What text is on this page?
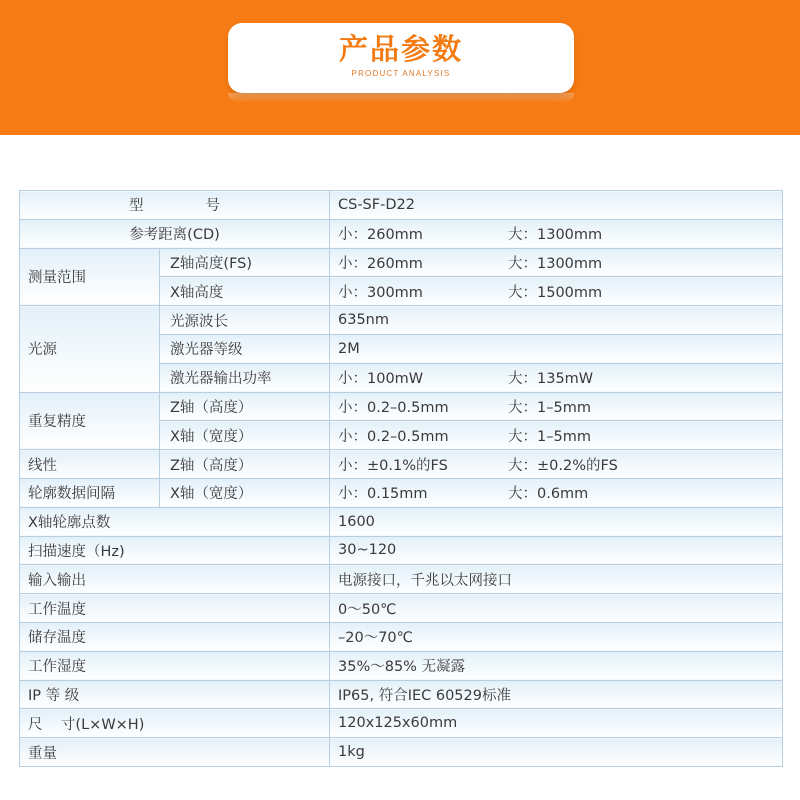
产品参数
PRODUCT ANALYSIS
型 号		CS-SF-D22
参考距离(CD)		小：260mm 大：1300mm

测量范围	Z轴高度(FS)	小：260mm 大：1300mm

	X轴高度	小：300mm 大：1500mm

光源	光源波长	635nm
	激光器等级	2M
	激光器输出功率	小：100mW 大：135mW

重复精度	Z轴（高度）	小：0.2–0.5mm 大：1–5mm

	X轴（宽度）	小：0.2–0.5mm 大：1–5mm

线性	Z轴（高度）	小：±0.1%的FS 大：±0.2%的FS

轮廓数据间隔	X轴（宽度）	小：0.15mm 大：0.6mm

X轴轮廓点数		1600
扫描速度（Hz)		30~120
输入输出		电源接口，千兆以太网接口
工作温度		0～50℃
储存温度		–20～70℃
工作湿度		35%～85% 无凝露
IP 等 级		IP65, 符合IEC 60529标准
尺    寸(L×W×H)		120x125x60mm
重量		1kg
